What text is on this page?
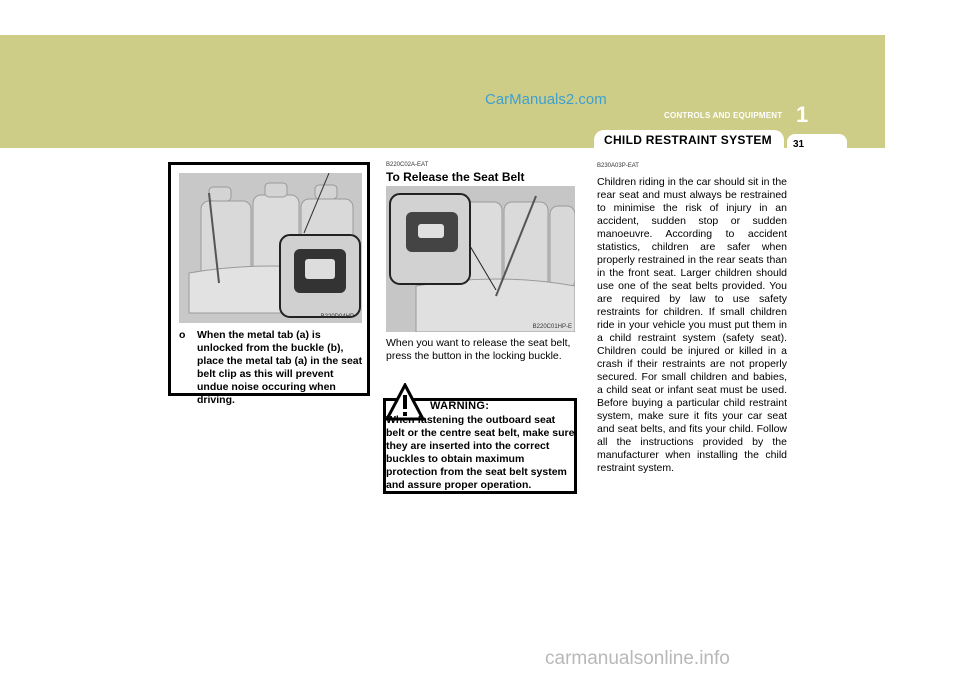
CarManuals2.com
CONTROLS AND EQUIPMENT 1
CHILD RESTRAINT SYSTEM 31
B220D04HP
o When the metal tab (a) is unlocked from the buckle (b), place the metal tab (a) in the seat belt clip as this will prevent undue noise occuring when driving.
B220C02A-EAT
To Release the Seat Belt
B220C01HP-E
When you want to release the seat belt, press the button in the locking buckle.
WARNING:
When fastening the outboard seat belt or the centre seat belt, make sure they are inserted into the correct buckles to obtain maximum protection from the seat belt system and assure proper operation.
B230A03P-EAT
Children riding in the car should sit in the rear seat and must always be restrained to minimise the risk of injury in an accident, sudden stop or sudden manoeuvre. According to accident statistics, children are safer when properly restrained in the rear seats than in the front seat. Larger children should use one of the seat belts provided. You are required by law to use safety restraints for children. If small children ride in your vehicle you must put them in a child restraint system (safety seat). Children could be injured or killed in a crash if their restraints are not properly secured. For small children and babies, a child seat or infant seat must be used. Before buying a particular child restraint system, make sure it fits your car seat and seat belts, and fits your child. Follow all the instructions provided by the manufacturer when installing the child restraint system.
carmanualsonline.info
